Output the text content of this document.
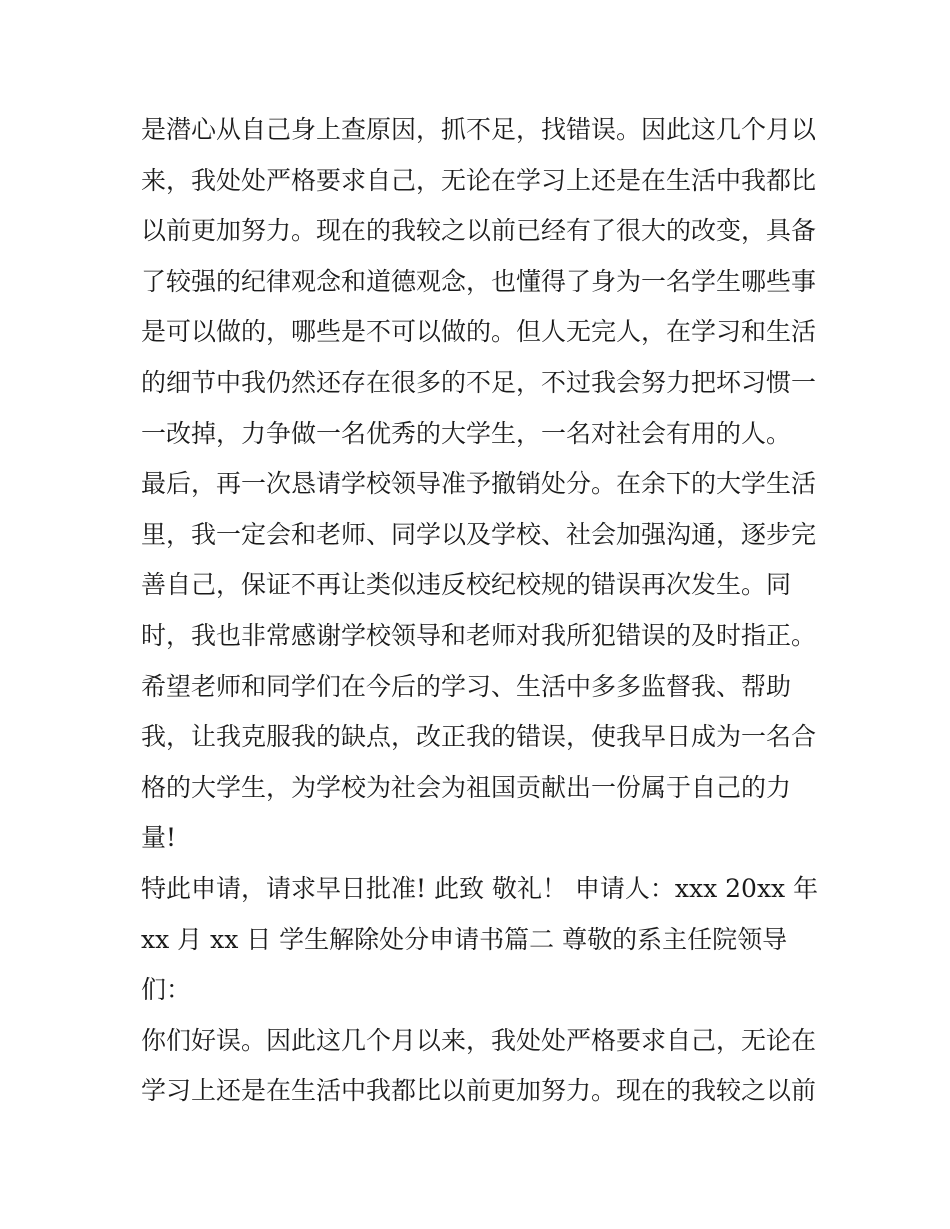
是潜心从自己身上查原因，抓不足，找错误。因此这几个月以
来，我处处严格要求自己，无论在学习上还是在生活中我都比
以前更加努力。现在的我较之以前已经有了很大的改变，具备
了较强的纪律观念和道德观念，也懂得了身为一名学生哪些事
是可以做的，哪些是不可以做的。但人无完人，在学习和生活
的细节中我仍然还存在很多的不足，不过我会努力把坏习惯一
一改掉，力争做一名优秀的大学生，一名对社会有用的人。
最后，再一次恳请学校领导准予撤销处分。在余下的大学生活
里，我一定会和老师、同学以及学校、社会加强沟通，逐步完
善自己，保证不再让类似违反校纪校规的错误再次发生。同
时，我也非常感谢学校领导和老师对我所犯错误的及时指正。
希望老师和同学们在今后的学习、生活中多多监督我、帮助
我，让我克服我的缺点，改正我的错误，使我早日成为一名合
格的大学生，为学校为社会为祖国贡献出一份属于自己的力
量!
特此申请，请求早日批准! 此致 敬礼！ 申请人：xxx 20xx 年
xx 月 xx 日 学生解除处分申请书篇二 尊敬的系主任院领导
们：
你们好误。因此这几个月以来，我处处严格要求自己，无论在
学习上还是在生活中我都比以前更加努力。现在的我较之以前
